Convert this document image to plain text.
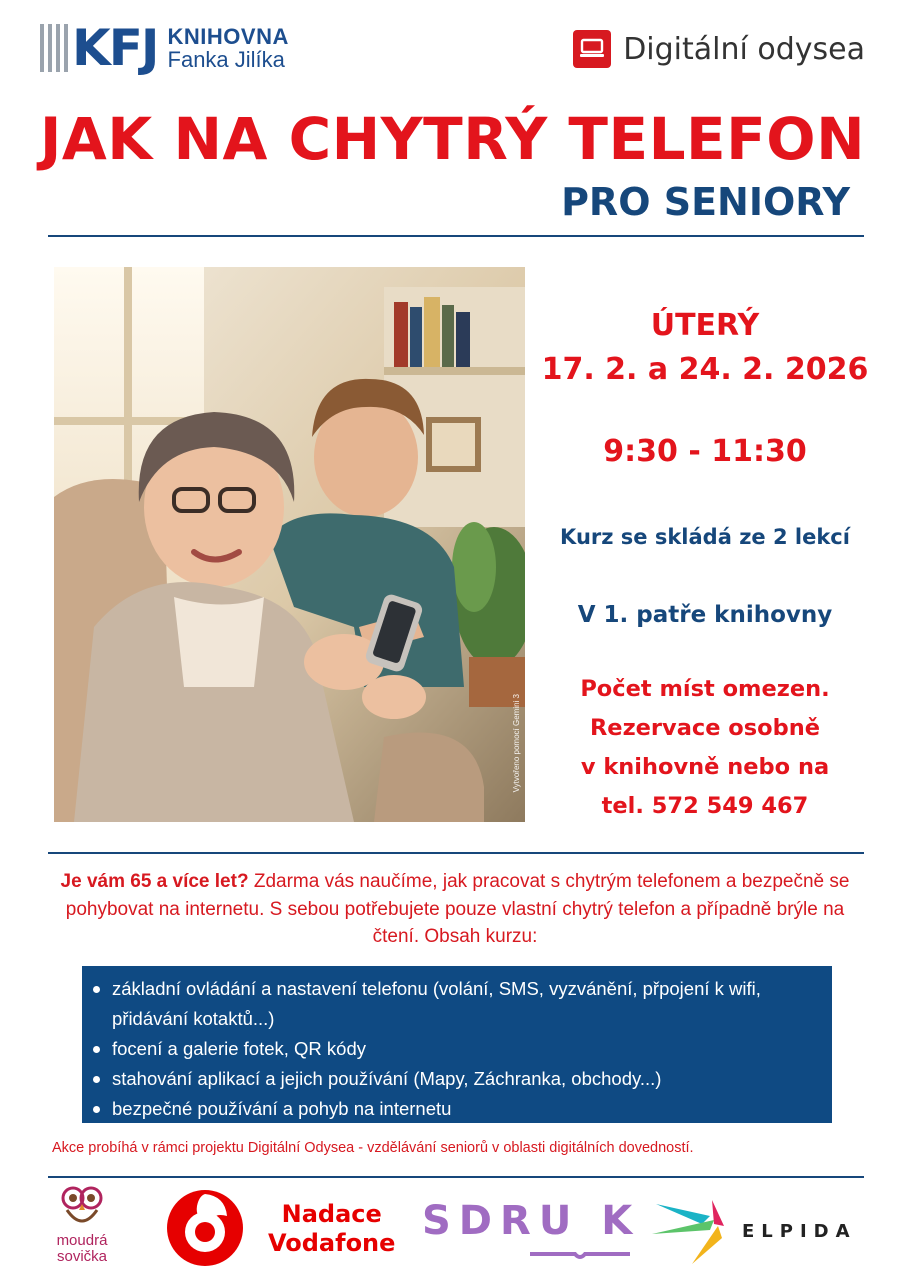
KFJ KNIHOVNA
Fanka Jilíka	Digitální odysea
JAK NA CHYTRÝ TELEFON
PRO SENIORY
Vytvořeno pomocí Gemini 3
ÚTERÝ
17. 2. a 24. 2. 2026
9:30 - 11:30
Kurz se skládá ze 2 lekcí
V 1. patře knihovny
Počet míst omezen.
Rezervace osobně
v knihovně nebo na
tel. 572 549 467
Je vám 65 a více let? Zdarma vás naučíme, jak pracovat s chytrým telefonem a bezpečně se pohybovat na internetu. S sebou potřebujete pouze vlastní chytrý telefon a případně brýle na čtení. Obsah kurzu:
základní ovládání a nastavení telefonu (volání, SMS, vyzvánění, přpojení k wifi, přidávání kotaktů...)
focení a galerie fotek, QR kódy
stahování aplikací a jejich používání (Mapy, Záchranka, obchody...)
bezpečné používání a pohyb na internetu
Akce probíhá v rámci projektu Digitální Odysea - vzdělávání seniorů v oblasti digitálních dovedností.
moudrá
sovička
Nadace
Vodafone SDRU K	ELPIDA
